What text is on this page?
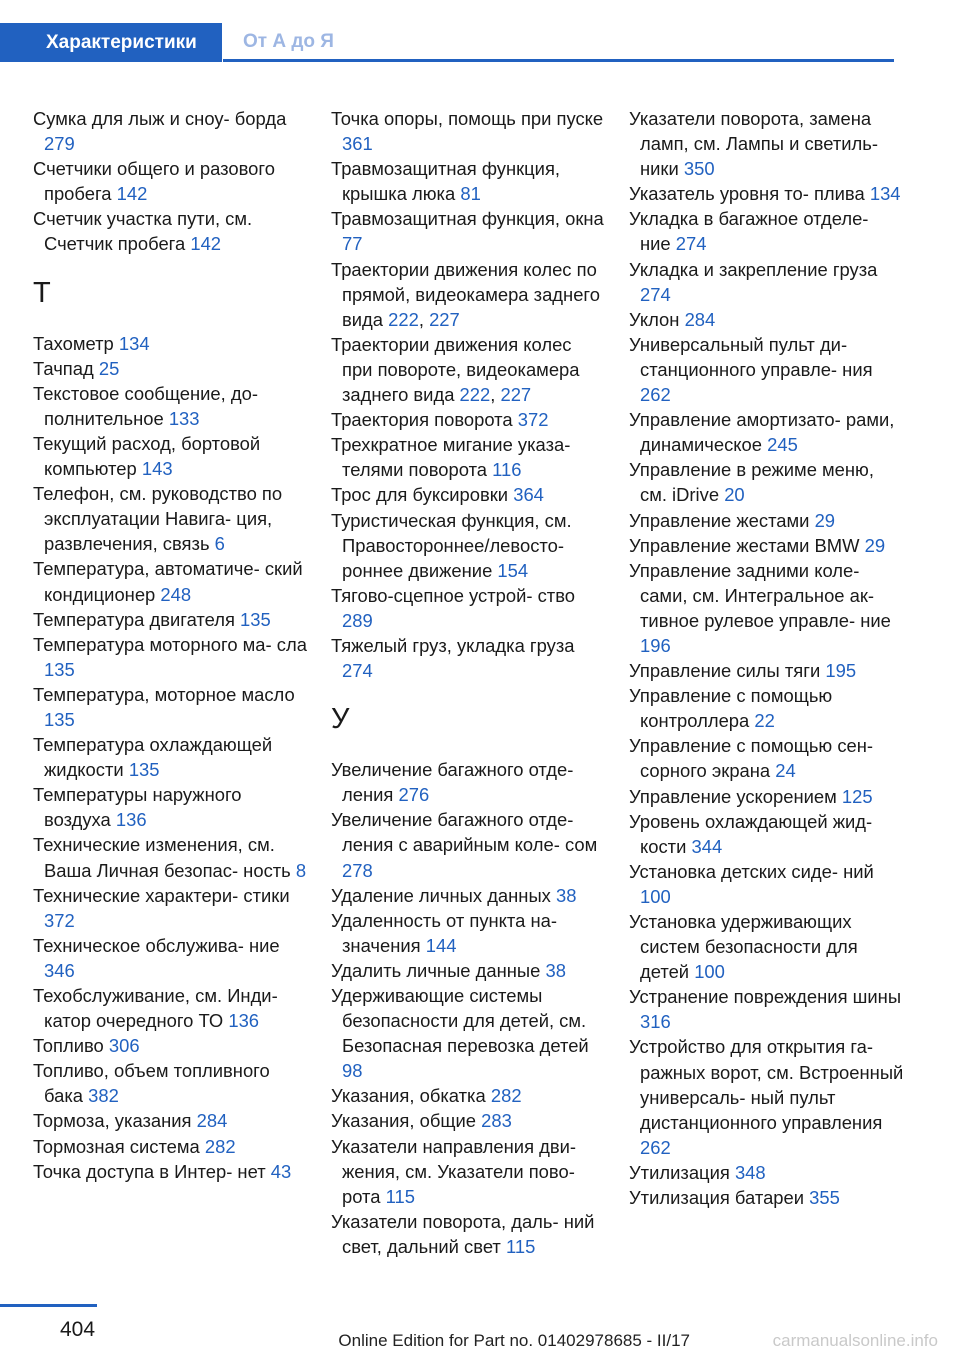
Характеристики	От А до Я
Сумка для лыж и сноу‐ борда 279
Счетчики общего и разового пробега 142
Счетчик участка пути, см. Счетчик пробега 142
Т
Тахометр 134
Тачпад 25
Текстовое сообщение, до‐ полнительное 133
Текущий расход, бортовой компьютер 143
Телефон, см. руководство по эксплуатации Навига‐ ция, развлечения, связь 6
Температура, автоматиче‐ ский кондиционер 248
Температура двигателя 135
Температура моторного ма‐ сла 135
Температура, моторное масло 135
Температура охлаждающей жидкости 135
Температуры наружного воздуха 136
Технические изменения, см. Ваша Личная безопас‐ ность 8
Технические характери‐ стики 372
Техническое обслужива‐ ние 346
Техобслуживание, см. Инди‐ катор очередного ТО 136
Топливо 306
Топливо, объем топливного бака 382
Тормоза, указания 284
Тормозная система 282
Точка доступа в Интер‐ нет 43
Точка опоры, помощь при пуске 361
Травмозащитная функция, крышка люка 81
Травмозащитная функция, окна 77
Траектории движения колес по прямой, видеокамера заднего вида 222, 227
Траектории движения колес при повороте, видеокамера заднего вида 222, 227
Траектория поворота 372
Трехкратное мигание указа‐ телями поворота 116
Трос для буксировки 364
Туристическая функция, см. Правостороннее/левосто‐ роннее движение 154
Тягово-сцепное устрой‐ ство 289
Тяжелый груз, укладка груза 274
У
Увеличение багажного отде‐ ления 276
Увеличение багажного отде‐ ления с аварийным коле‐ сом 278
Удаление личных данных 38
Удаленность от пункта на‐ значения 144
Удалить личные данные 38
Удерживающие системы безопасности для детей, см. Безопасная перевозка детей 98
Указания, обкатка 282
Указания, общие 283
Указатели направления дви‐ жения, см. Указатели пово‐ рота 115
Указатели поворота, даль‐ ний свет, дальний свет 115
Указатели поворота, замена ламп, см. Лампы и светиль‐ ники 350
Указатель уровня то‐ плива 134
Укладка в багажное отделе‐ ние 274
Укладка и закрепление груза 274
Уклон 284
Универсальный пульт ди‐ станционного управле‐ ния 262
Управление амортизато‐ рами, динамическое 245
Управление в режиме меню, см. iDrive 20
Управление жестами 29
Управление жестами BMW 29
Управление задними коле‐ сами, см. Интегральное ак‐ тивное рулевое управле‐ ние 196
Управление силы тяги 195
Управление с помощью контроллера 22
Управление с помощью сен‐ сорного экрана 24
Управление ускорением 125
Уровень охлаждающей жид‐ кости 344
Установка детских сиде‐ ний 100
Установка удерживающих систем безопасности для детей 100
Устранение повреждения шины 316
Устройство для открытия га‐ ражных ворот, см. Встроенный универсаль‐ ный пульт дистанционного управления 262
Утилизация 348
Утилизация батареи 355
404	Online Edition for Part no. 01402978685 - II/17	carmanualsonline.info
